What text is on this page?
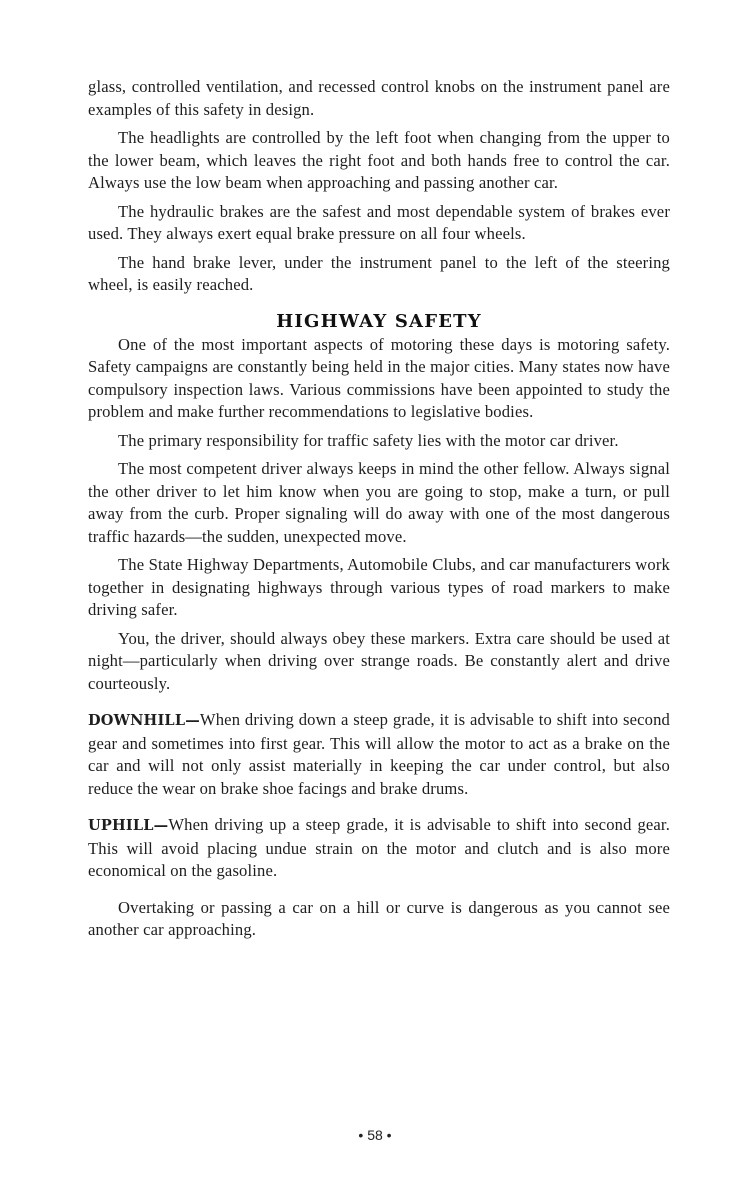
glass, controlled ventilation, and recessed control knobs on the instrument panel are examples of this safety in design.

The headlights are controlled by the left foot when changing from the upper to the lower beam, which leaves the right foot and both hands free to control the car. Always use the low beam when approaching and passing another car.

The hydraulic brakes are the safest and most dependable system of brakes ever used. They always exert equal brake pressure on all four wheels.

The hand brake lever, under the instrument panel to the left of the steering wheel, is easily reached.

HIGHWAY SAFETY

One of the most important aspects of motoring these days is motoring safety. Safety campaigns are constantly being held in the major cities. Many states now have compulsory inspection laws. Various commissions have been appointed to study the problem and make further recommendations to legislative bodies.

The primary responsibility for traffic safety lies with the motor car driver.

The most competent driver always keeps in mind the other fellow. Always signal the other driver to let him know when you are going to stop, make a turn, or pull away from the curb. Proper signaling will do away with one of the most dangerous traffic hazards—the sudden, unexpected move.

The State Highway Departments, Automobile Clubs, and car manufacturers work together in designating highways through various types of road markers to make driving safer.

You, the driver, should always obey these markers. Extra care should be used at night—particularly when driving over strange roads. Be constantly alert and drive courteously.

DOWNHILL—When driving down a steep grade, it is advisable to shift into second gear and sometimes into first gear. This will allow the motor to act as a brake on the car and will not only assist materially in keeping the car under control, but also reduce the wear on brake shoe facings and brake drums.

UPHILL—When driving up a steep grade, it is advisable to shift into second gear. This will avoid placing undue strain on the motor and clutch and is also more economical on the gasoline.

Overtaking or passing a car on a hill or curve is dangerous as you cannot see another car approaching.

• 58 •
